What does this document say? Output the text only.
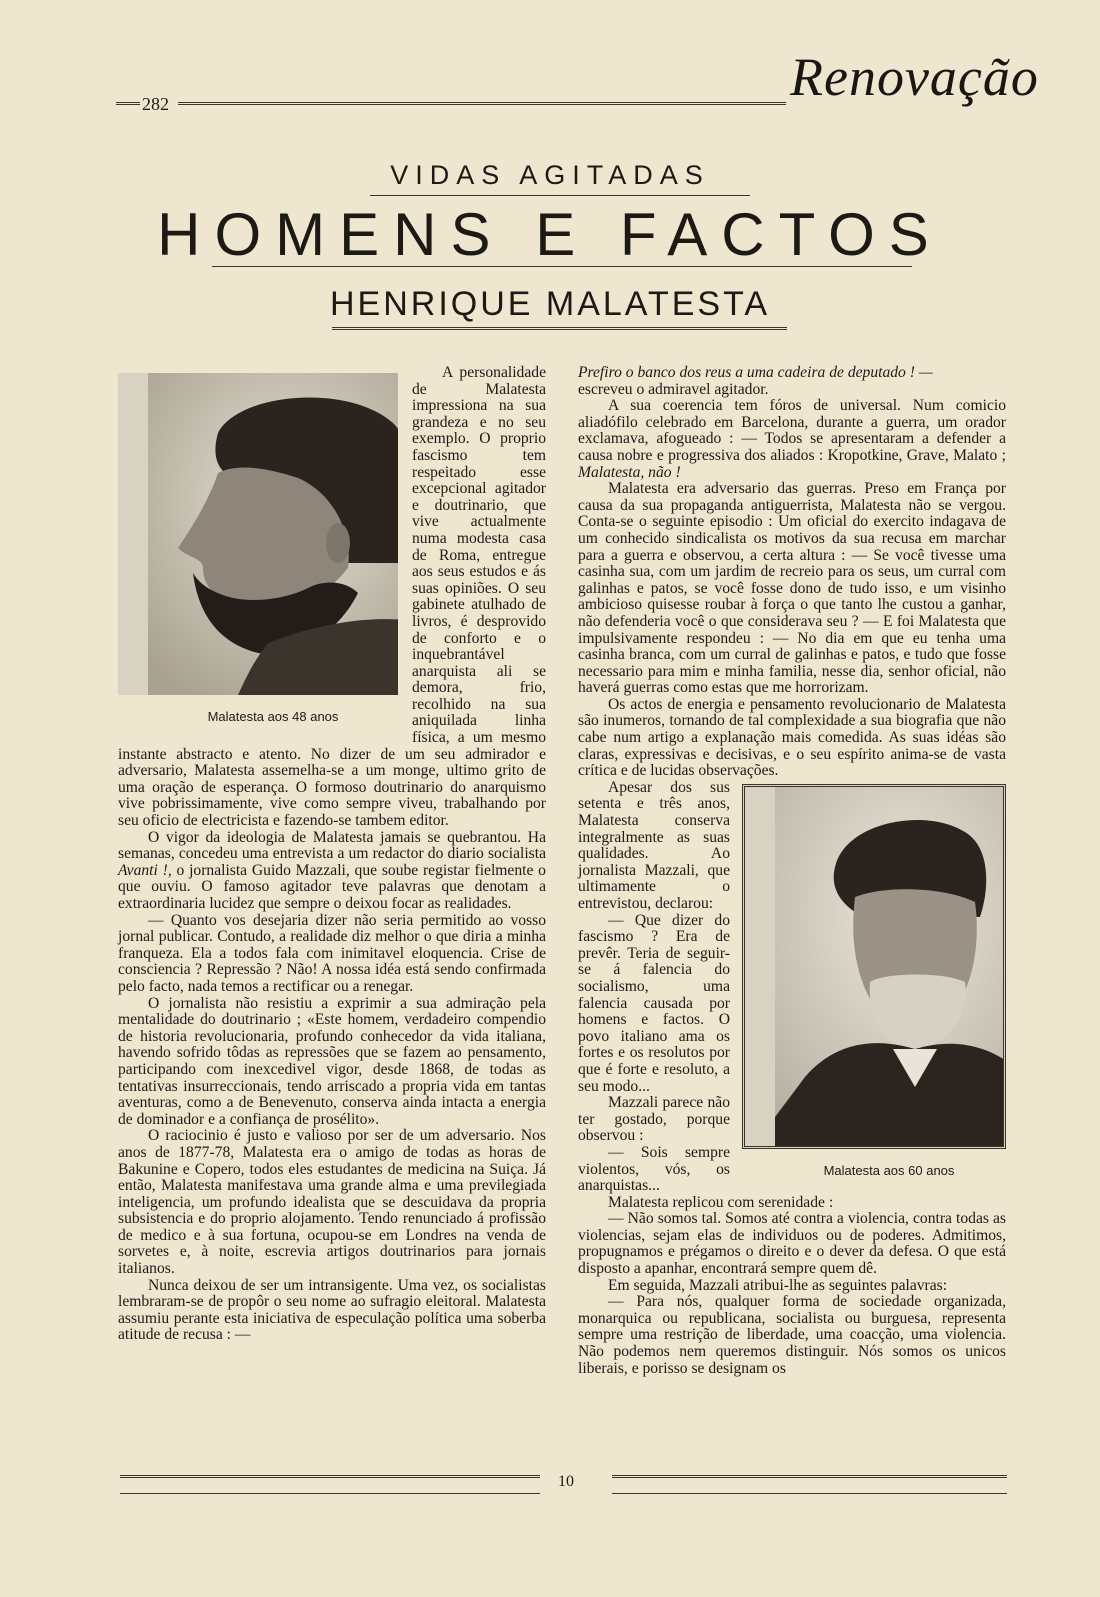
282	Renovação
VIDAS AGITADAS
HOMENS E FACTOS
HENRIQUE MALATESTA

Malatesta aos 48 anos
A personalidade de Malatesta impressiona na sua grandeza e no seu exemplo. O proprio fascismo tem respeitado esse excepcional agitador e doutrinario, que vive actualmente numa modesta casa de Roma, entregue aos seus estudos e ás suas opiniões. O seu gabinete atulhado de livros, é desprovido de conforto e o inquebrantável anarquista ali se demora, frio, recolhido na sua aniquilada linha física, a um mesmo instante abstracto e atento. No dizer de um seu admirador e adversario, Malatesta assemelha-se a um monge, ultimo grito de uma oração de esperança. O formoso doutrinario do anarquismo vive pobrissimamente, vive como sempre viveu, trabalhando por seu oficio de electricista e fazendo-se tambem editor.

O vigor da ideologia de Malatesta jamais se quebrantou. Ha semanas, concedeu uma entrevista a um redactor do diario socialista Avanti !, o jornalista Guido Mazzali, que soube registar fielmente o que ouviu. O famoso agitador teve palavras que denotam a extraordinaria lucidez que sempre o deixou focar as realidades.

— Quanto vos desejaria dizer não seria permitido ao vosso jornal publicar. Contudo, a realidade diz melhor o que diria a minha franqueza. Ela a todos fala com inimitavel eloquencia. Crise de consciencia ? Repressão ? Não! A nossa idéa está sendo confirmada pelo facto, nada temos a rectificar ou a renegar.

O jornalista não resistiu a exprimir a sua admiração pela mentalidade do doutrinario ; «Este homem, verdadeiro compendio de historia revolucionaria, profundo conhecedor da vida italiana, havendo sofrido tôdas as repressões que se fazem ao pensamento, participando com inexcedivel vigor, desde 1868, de todas as tentativas insurreccionais, tendo arriscado a propria vida em tantas aventuras, como a de Benevenuto, conserva ainda intacta a energia de dominador e a confiança de prosélito».

O raciocinio é justo e valioso por ser de um adversario. Nos anos de 1877-78, Malatesta era o amigo de todas as horas de Bakunine e Copero, todos eles estudantes de medicina na Suiça. Já então, Malatesta manifestava uma grande alma e uma previlegiada inteligencia, um profundo idealista que se descuidava da propria subsistencia e do proprio alojamento. Tendo renunciado á profissão de medico e à sua fortuna, ocupou-se em Londres na venda de sorvetes e, à noite, escrevia artigos doutrinarios para jornais italianos.

Nunca deixou de ser um intransigente. Uma vez, os socialistas lembraram-se de propôr o seu nome ao sufragio eleitoral. Malatesta assumiu perante esta iniciativa de especulação política uma soberba atitude de recusa : —

Prefiro o banco dos reus a uma cadeira de deputado ! —
escreveu o admiravel agitador.

A sua coerencia tem fóros de universal. Num comicio aliadófilo celebrado em Barcelona, durante a guerra, um orador exclamava, afogueado : — Todos se apresentaram a defender a causa nobre e progressiva dos aliados : Kropotkine, Grave, Malato ; Malatesta, não !

Malatesta era adversario das guerras. Preso em França por causa da sua propaganda antiguerrista, Malatesta não se vergou. Conta-se o seguinte episodio : Um oficial do exercito indagava de um conhecido sindicalista os motivos da sua recusa em marchar para a guerra e observou, a certa altura : — Se você tivesse uma casinha sua, com um jardim de recreio para os seus, um curral com galinhas e patos, se você fosse dono de tudo isso, e um visinho ambicioso quisesse roubar à força o que tanto lhe custou a ganhar, não defenderia você o que considerava seu ? — E foi Malatesta que impulsivamente respondeu : — No dia em que eu tenha uma casinha branca, com um curral de galinhas e patos, e tudo que fosse necessario para mim e minha familia, nesse dia, senhor oficial, não haverá guerras como estas que me horrorizam.

Os actos de energia e pensamento revolucionario de Malatesta são inumeros, tornando de tal complexidade a sua biografia que não cabe num artigo a explanação mais comedida. As suas idéas são claras, expressivas e decisivas, e o seu espírito anima-se de vasta crítica e de lucidas observações.

Malatesta aos 60 anos
Apesar dos sus setenta e três anos, Malatesta conserva integralmente as suas qualidades. Ao jornalista Mazzali, que ultimamente o entrevistou, declarou:

— Que dizer do fascismo ? Era de prevêr. Teria de seguir-se á falencia do socialismo, uma falencia causada por homens e factos. O povo italiano ama os fortes e os resolutos por que é forte e resoluto, a seu modo...

Mazzali parece não ter gostado, porque observou :

— Sois sempre violentos, vós, os anarquistas...

Malatesta replicou com serenidade :

— Não somos tal. Somos até contra a violencia, contra todas as violencias, sejam elas de individuos ou de poderes. Admitimos, propugnamos e prégamos o direito e o dever da defesa. O que está disposto a apanhar, encontrará sempre quem dê.

Em seguida, Mazzali atribui-lhe as seguintes palavras:

— Para nós, qualquer forma de sociedade organizada, monarquica ou republicana, socialista ou burguesa, representa sempre uma restrição de liberdade, uma coacção, uma violencia. Não podemos nem queremos distinguir. Nós somos os unicos liberais, e porisso se designam os

10
